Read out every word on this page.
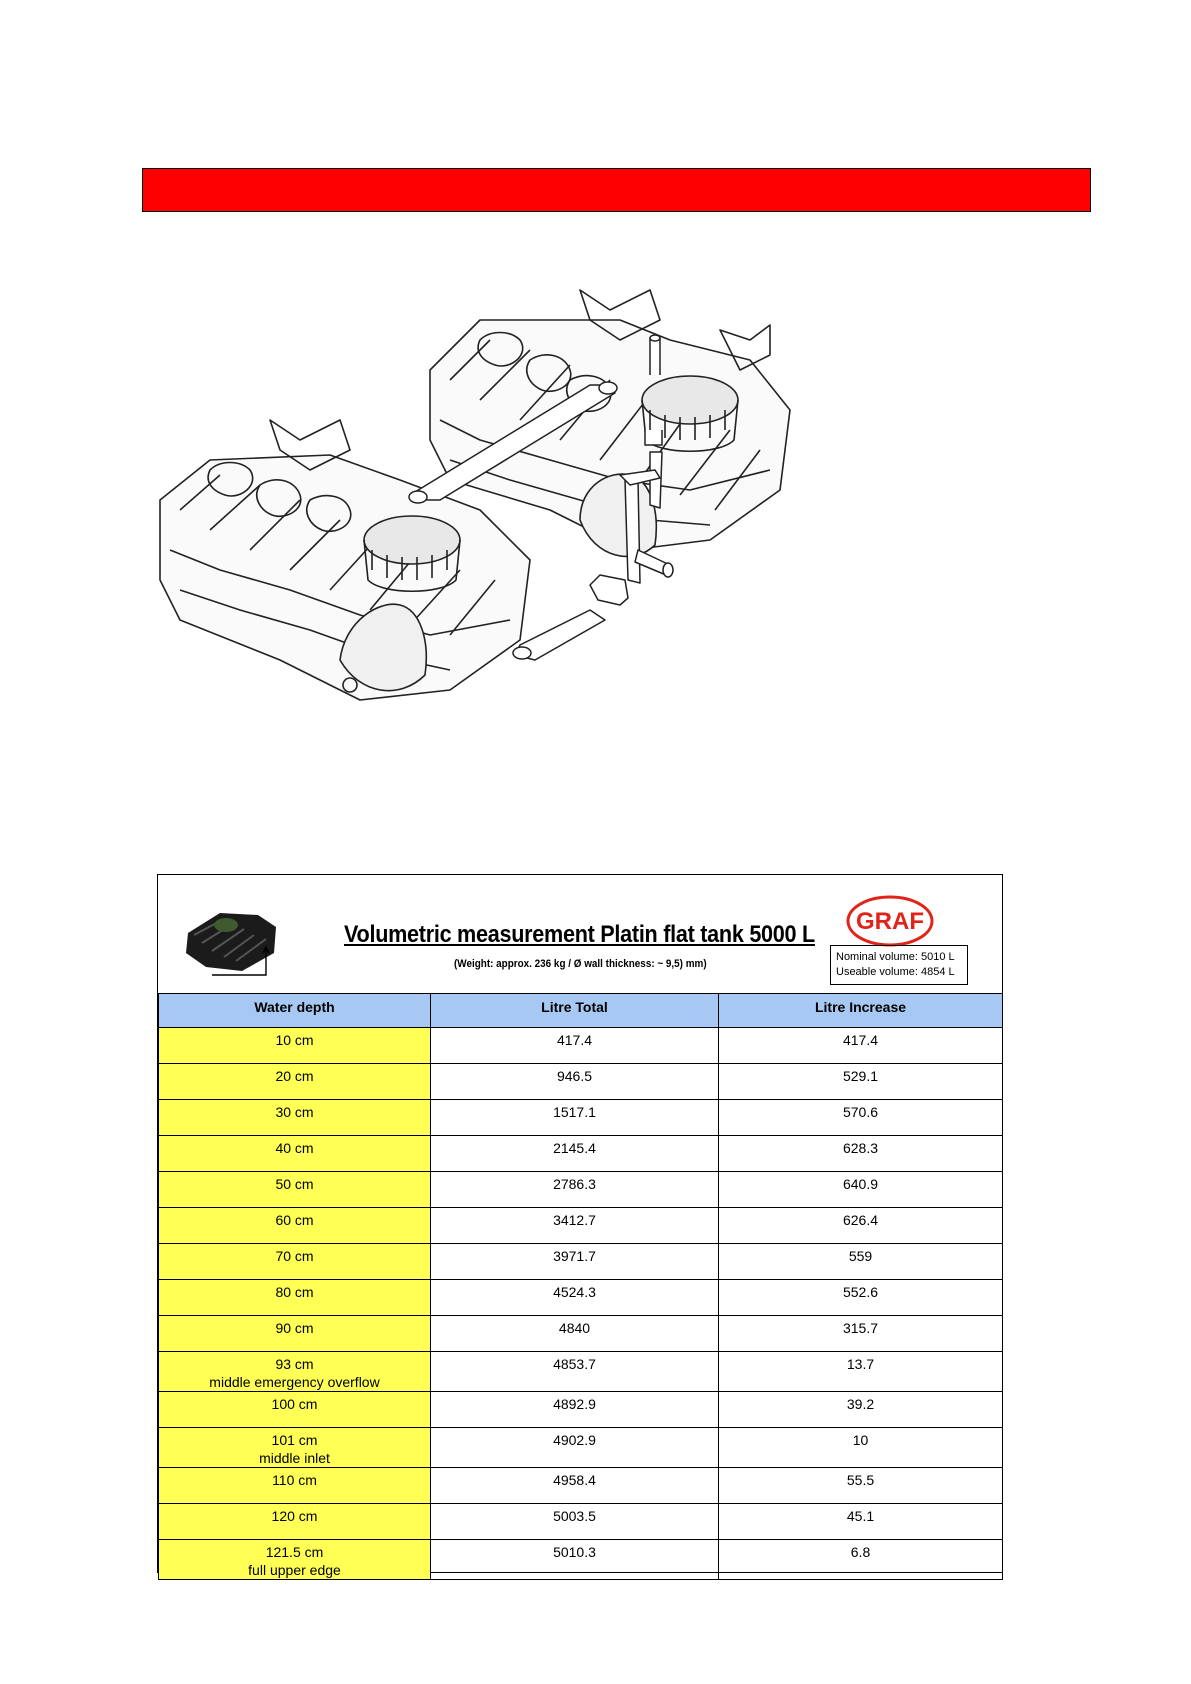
Volumetric measurement Platin flat tank 5000 L
(Weight: approx. 236 kg / Ø wall thickness: ~ 9,5) mm)
GRAF
Nominal volume: 5010 L
Useable volume: 4854 L
Water depth	Litre Total	Litre Increase

10 cm	417.4	417.4

20 cm	946.5	529.1

30 cm	1517.1	570.6

40 cm	2145.4	628.3

50 cm	2786.3	640.9

60 cm	3412.7	626.4

70 cm	3971.7	559

80 cm	4524.3	552.6

90 cm	4840	315.7

93 cm
middle emergency overflow	4853.7	13.7

100 cm	4892.9	39.2

101 cm
middle inlet	4902.9	10

110 cm	4958.4	55.5

120 cm	5003.5	45.1

121.5 cm
full upper edge	5010.3	6.8
